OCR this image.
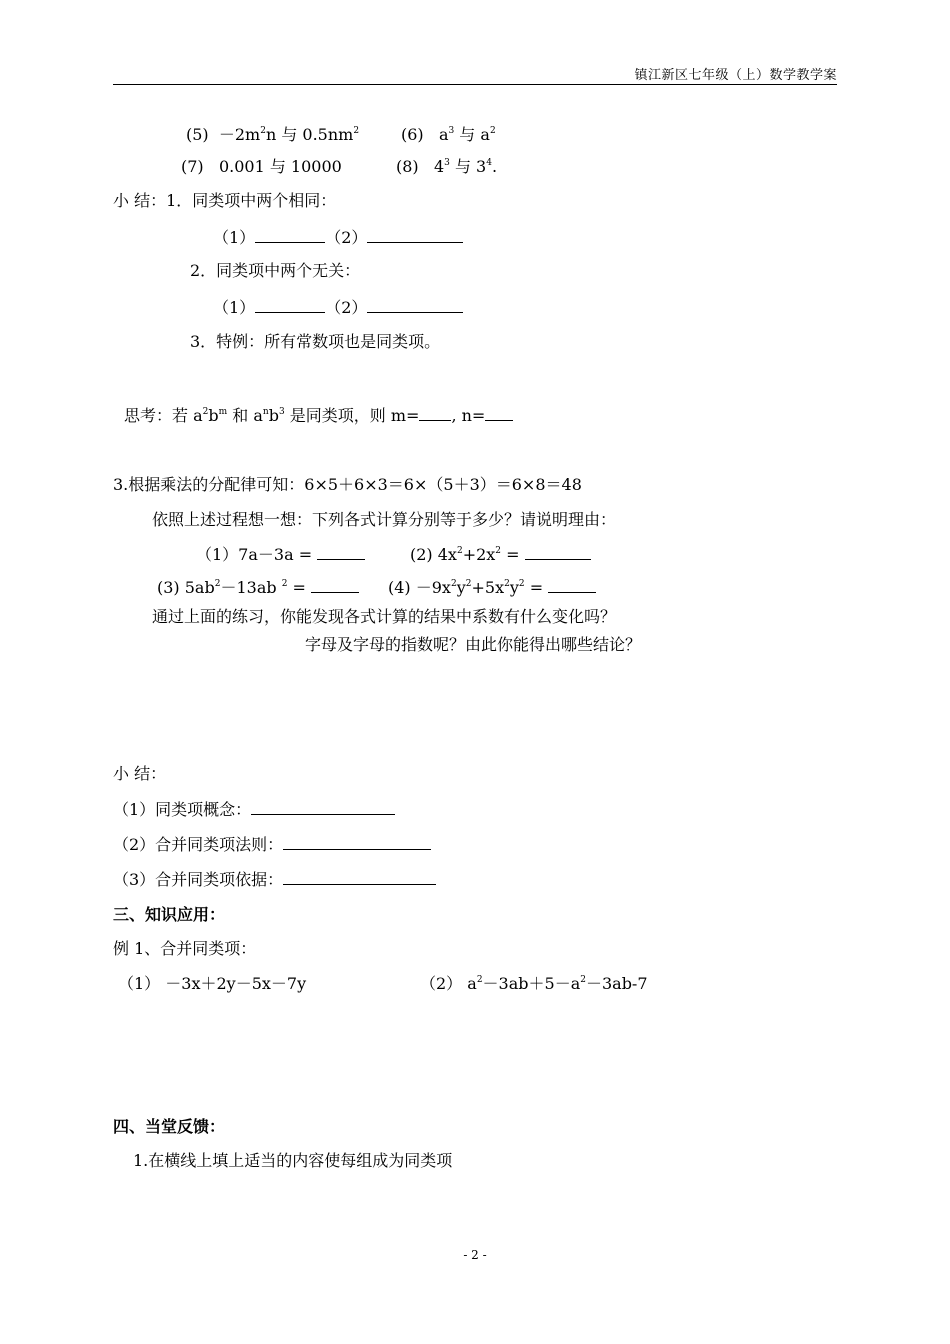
镇江新区七年级（上）数学教学案
$(5) -2m^2n$ 与 $0.5nm^2$	(6) $a^3$ 与 $a^2$
(7) 0.001 与 10000	(8) $4^3$ 与 $3^4$.
小 结：1．同类项中两个相同：
（1）	（2）
2．同类项中两个无关：
（1）	（2）
3．特例：所有常数项也是同类项。
思考：若 $a^2b^m$ 和 $a^nb^3$ 是同类项，则 m= , n=
3.根据乘法的分配律可知：6×5＋6×3＝6×（5＋3）＝6×8＝48
依照上述过程想一想：下列各式计算分别等于多少？请说明理由：
（1）7a－3a =	(2) $4x^2+2x^2$ =
(3) $5ab^2-13ab$ $^2$ =	$(4) -9x^2y^2+5x^2y^2$ =
通过上面的练习，你能发现各式计算的结果中系数有什么变化吗？
字母及字母的指数呢？由此你能得出哪些结论？
小 结：
（1）同类项概念：
（2）合并同类项法则：
（3）合并同类项依据：
三、知识应用：
例 1、合并同类项：
（1） －3x＋2y－5x－7y	（2） $a^2-3ab+5-a^2-3ab-7$
四、当堂反馈：
1.在横线上填上适当的内容使每组成为同类项
- 2 -
